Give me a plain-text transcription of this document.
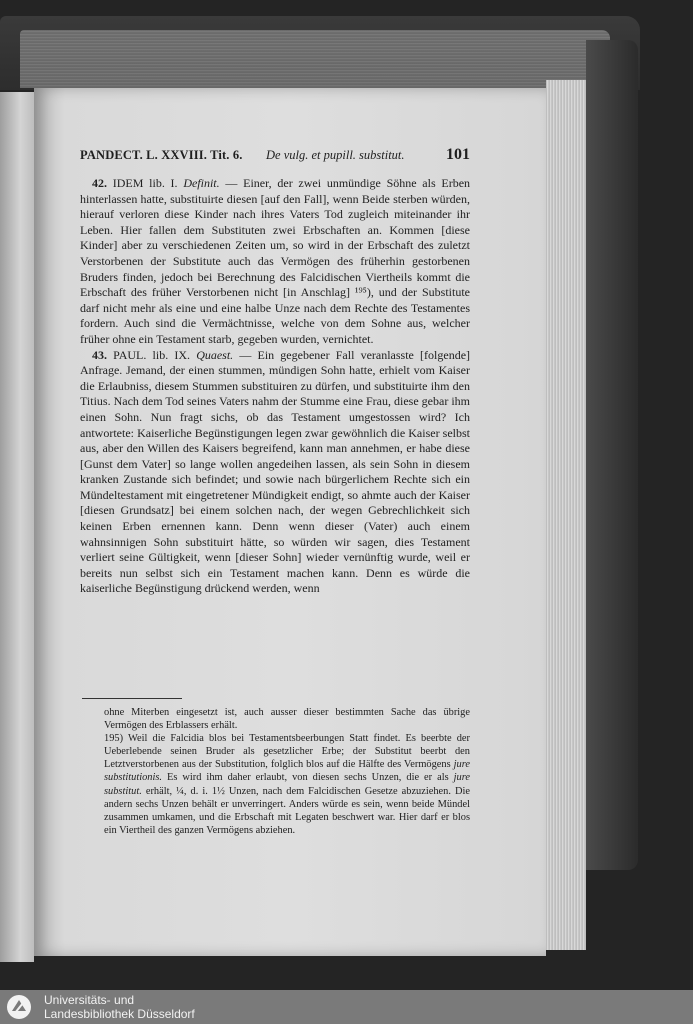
PANDECT. L. XXVIII. Tit. 6. De vulg. et pupill. substitut.	101

 42. IDEM lib. I. Definit. — Einer, der zwei unmündige Söhne als Erben hinterlassen hatte, substituirte diesen [auf den Fall], wenn Beide sterben würden, hierauf verloren diese Kinder nach ihres Vaters Tod zugleich miteinander ihr Leben. Hier fallen dem Substituten zwei Erbschaften an. Kommen [diese Kinder] aber zu verschiedenen Zeiten um, so wird in der Erbschaft des zuletzt Verstorbenen der Substitute auch das Vermögen des früherhin gestorbenen Bruders finden, jedoch bei Berechnung des Falcidischen Viertheils kommt die Erbschaft des früher Verstorbenen nicht [in Anschlag] ¹⁹⁵), und der Substitute darf nicht mehr als eine und eine halbe Unze nach dem Rechte des Testamentes fordern. Auch sind die Vermächtnisse, welche von dem Sohne aus, welcher früher ohne ein Testament starb, gegeben wurden, vernichtet.

 43. PAUL. lib. IX. Quaest. — Ein gegebener Fall veranlasste [folgende] Anfrage. Jemand, der einen stummen, mündigen Sohn hatte, erhielt vom Kaiser die Erlaubniss, diesem Stummen substituiren zu dürfen, und substituirte ihm den Titius. Nach dem Tod seines Vaters nahm der Stumme eine Frau, diese gebar ihm einen Sohn. Nun fragt sichs, ob das Testament umgestossen wird? Ich antwortete: Kaiserliche Begünstigungen legen zwar gewöhnlich die Kaiser selbst aus, aber den Willen des Kaisers begreifend, kann man annehmen, er habe diese [Gunst dem Vater] so lange wollen angedeihen lassen, als sein Sohn in diesem kranken Zustande sich befindet; und sowie nach bürgerlichem Rechte sich ein Mündeltestament mit eingetretener Mündigkeit endigt, so ahmte auch der Kaiser [diesen Grundsatz] bei einem solchen nach, der wegen Gebrechlichkeit sich keinen Erben ernennen kann. Denn wenn dieser (Vater) auch einem wahnsinnigen Sohn substituirt hätte, so würden wir sagen, dies Testament verliert seine Gültigkeit, wenn [dieser Sohn] wieder vernünftig wurde, weil er bereits nun selbst sich ein Testament machen kann. Denn es würde die kaiserliche Begünstigung drückend werden, wenn

ohne Miterben eingesetzt ist, auch ausser dieser bestimmten Sache das übrige Vermögen des Erblassers erhält.

195) Weil die Falcidia blos bei Testamentsbeerbungen Statt findet. Es beerbte der Ueberlebende seinen Bruder als gesetzlicher Erbe; der Substitut beerbt den Letztverstorbenen aus der Substitution, folglich blos auf die Hälfte des Vermögens jure substitutionis. Es wird ihm daher erlaubt, von diesen sechs Unzen, die er als jure substitut. erhält, ¼, d. i. 1½ Unzen, nach dem Falcidischen Gesetze abzuziehen. Die andern sechs Unzen behält er unverringert. Anders würde es sein, wenn beide Mündel zusammen umkamen, und die Erbschaft mit Legaten beschwert war. Hier darf er blos ein Viertheil des ganzen Vermögens abziehen.

Universitäts- und
Landesbibliothek Düsseldorf
